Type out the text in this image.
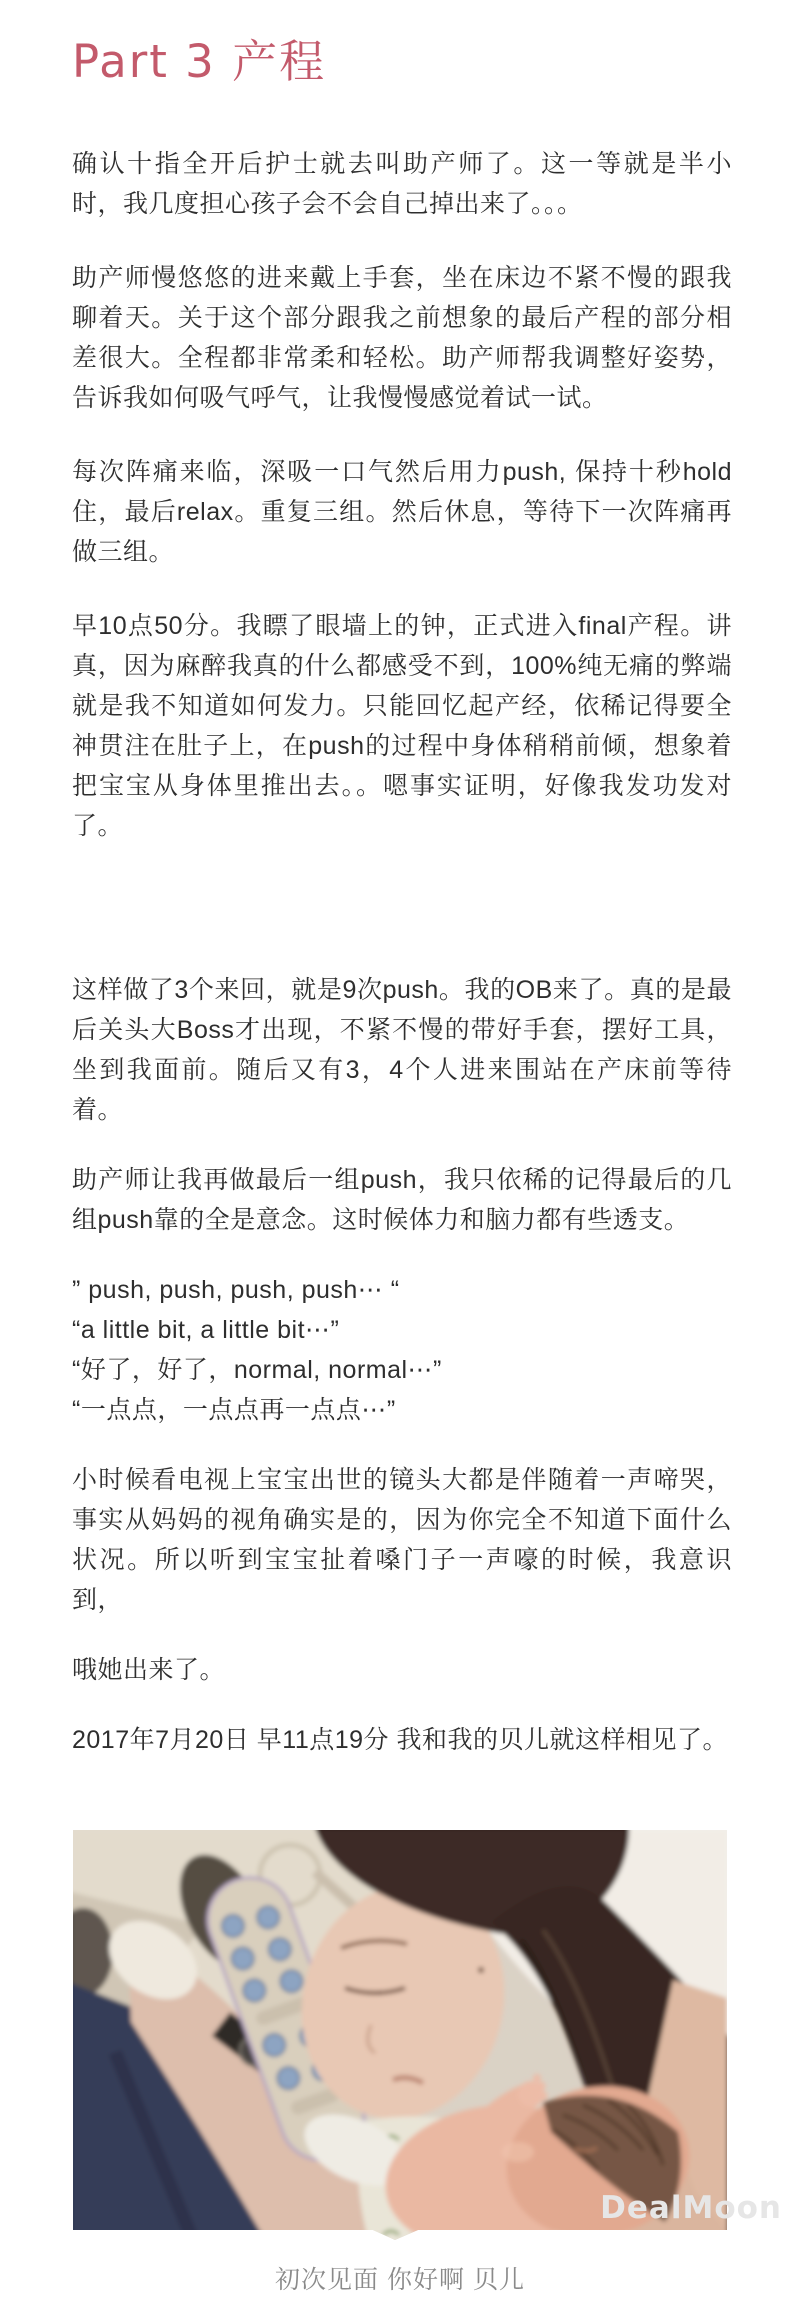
Part 3 产程
确认十指全开后护士就去叫助产师了。这一等就是半小时，我几度担心孩子会不会自己掉出来了。。。
助产师慢悠悠的进来戴上手套，坐在床边不紧不慢的跟我聊着天。关于这个部分跟我之前想象的最后产程的部分相差很大。全程都非常柔和轻松。助产师帮我调整好姿势，告诉我如何吸气呼气，让我慢慢感觉着试一试。
每次阵痛来临，深吸一口气然后用力push, 保持十秒hold住，最后relax。重复三组。然后休息，等待下一次阵痛再做三组。
早10点50分。我瞟了眼墙上的钟，正式进入final产程。讲真，因为麻醉我真的什么都感受不到，100%纯无痛的弊端就是我不知道如何发力。只能回忆起产经，依稀记得要全神贯注在肚子上，在push的过程中身体稍稍前倾，想象着把宝宝从身体里推出去。。嗯事实证明，好像我发功发对了。
这样做了3个来回，就是9次push。我的OB来了。真的是最后关头大Boss才出现，不紧不慢的带好手套，摆好工具，坐到我面前。随后又有3，4个人进来围站在产床前等待着。
助产师让我再做最后一组push，我只依稀的记得最后的几组push靠的全是意念。这时候体力和脑力都有些透支。
” push, push, push, push⋯ “
“a little bit, a little bit⋯”
“好了，好了，normal, normal⋯”
“一点点，一点点再一点点⋯”
小时候看电视上宝宝出世的镜头大都是伴随着一声啼哭，事实从妈妈的视角确实是的，因为你完全不知道下面什么状况。所以听到宝宝扯着嗓门子一声嚎的时候，我意识到，
哦她出来了。
2017年7月20日 早11点19分 我和我的贝儿就这样相见了。
初次见面 你好啊 贝儿
DealMoon
